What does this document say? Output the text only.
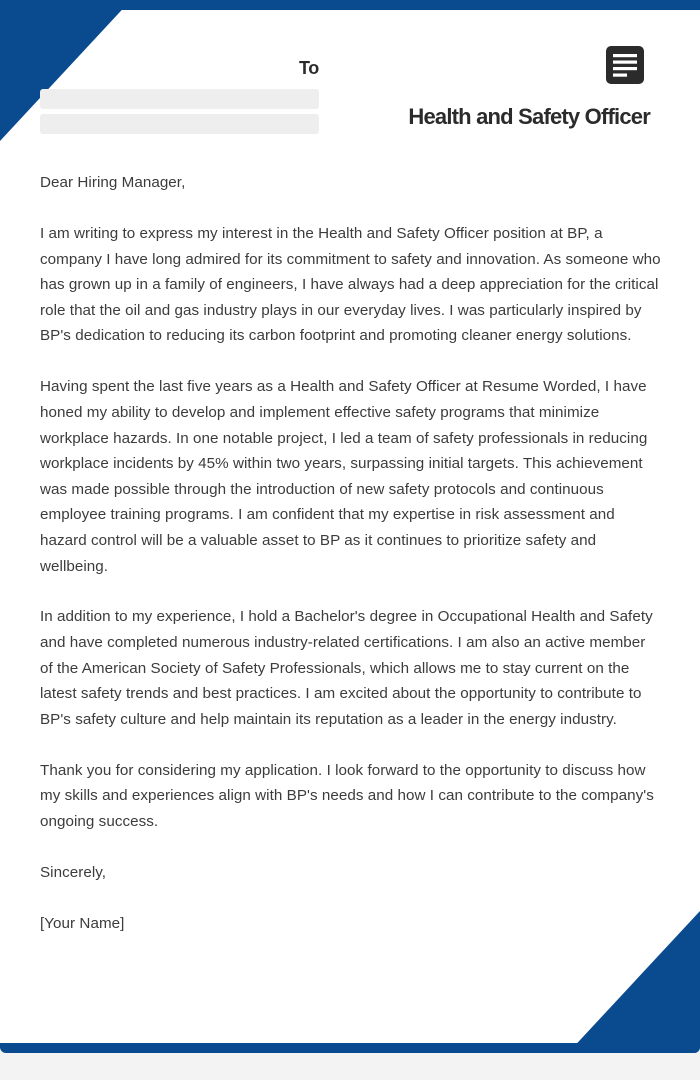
To
Health and Safety Officer

Dear Hiring Manager,

I am writing to express my interest in the Health and Safety Officer position at BP, a company I have long admired for its commitment to safety and innovation. As someone who has grown up in a family of engineers, I have always had a deep appreciation for the critical role that the oil and gas industry plays in our everyday lives. I was particularly inspired by BP's dedication to reducing its carbon footprint and promoting cleaner energy solutions.

Having spent the last five years as a Health and Safety Officer at Resume Worded, I have honed my ability to develop and implement effective safety programs that minimize workplace hazards. In one notable project, I led a team of safety professionals in reducing workplace incidents by 45% within two years, surpassing initial targets. This achievement was made possible through the introduction of new safety protocols and continuous employee training programs. I am confident that my expertise in risk assessment and hazard control will be a valuable asset to BP as it continues to prioritize safety and wellbeing.

In addition to my experience, I hold a Bachelor's degree in Occupational Health and Safety and have completed numerous industry-related certifications. I am also an active member of the American Society of Safety Professionals, which allows me to stay current on the latest safety trends and best practices. I am excited about the opportunity to contribute to BP's safety culture and help maintain its reputation as a leader in the energy industry.

Thank you for considering my application. I look forward to the opportunity to discuss how my skills and experiences align with BP's needs and how I can contribute to the company's ongoing success.

Sincerely,

[Your Name]
